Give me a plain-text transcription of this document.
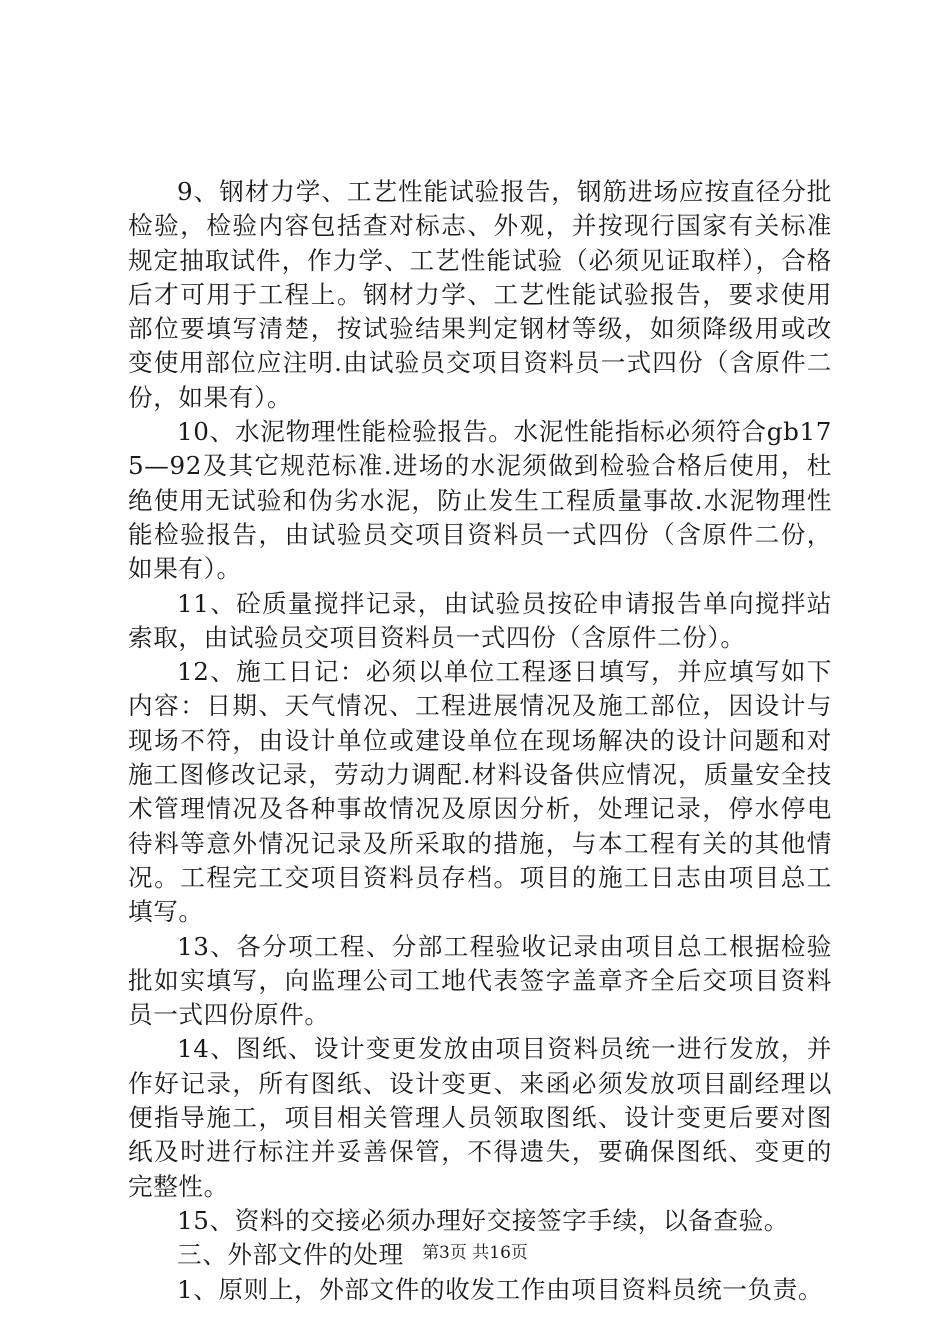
9、钢材力学、工艺性能试验报告，钢筋进场应按直径分批检验，检验内容包括查对标志、外观，并按现行国家有关标准规定抽取试件，作力学、工艺性能试验（必须见证取样），合格后才可用于工程上。钢材力学、工艺性能试验报告，要求使用部位要填写清楚，按试验结果判定钢材等级，如须降级用或改变使用部位应注明.由试验员交项目资料员一式四份（含原件二份，如果有）。

10、水泥物理性能检验报告。水泥性能指标必须符合gb175—92及其它规范标准.进场的水泥须做到检验合格后使用，杜绝使用无试验和伪劣水泥，防止发生工程质量事故.水泥物理性能检验报告，由试验员交项目资料员一式四份（含原件二份，如果有）。

11、砼质量搅拌记录，由试验员按砼申请报告单向搅拌站索取，由试验员交项目资料员一式四份（含原件二份）。

12、施工日记：必须以单位工程逐日填写，并应填写如下内容：日期、天气情况、工程进展情况及施工部位，因设计与现场不符，由设计单位或建设单位在现场解决的设计问题和对施工图修改记录，劳动力调配.材料设备供应情况，质量安全技术管理情况及各种事故情况及原因分析，处理记录，停水停电待料等意外情况记录及所采取的措施，与本工程有关的其他情况。工程完工交项目资料员存档。项目的施工日志由项目总工填写。

13、各分项工程、分部工程验收记录由项目总工根据检验批如实填写，向监理公司工地代表签字盖章齐全后交项目资料员一式四份原件。

14、图纸、设计变更发放由项目资料员统一进行发放，并作好记录，所有图纸、设计变更、来函必须发放项目副经理以便指导施工，项目相关管理人员领取图纸、设计变更后要对图纸及时进行标注并妥善保管，不得遗失，要确保图纸、变更的完整性。

15、资料的交接必须办理好交接签字手续，以备查验。

三、外部文件的处理

1、原则上，外部文件的收发工作由项目资料员统一负责。

第3页 共16页
